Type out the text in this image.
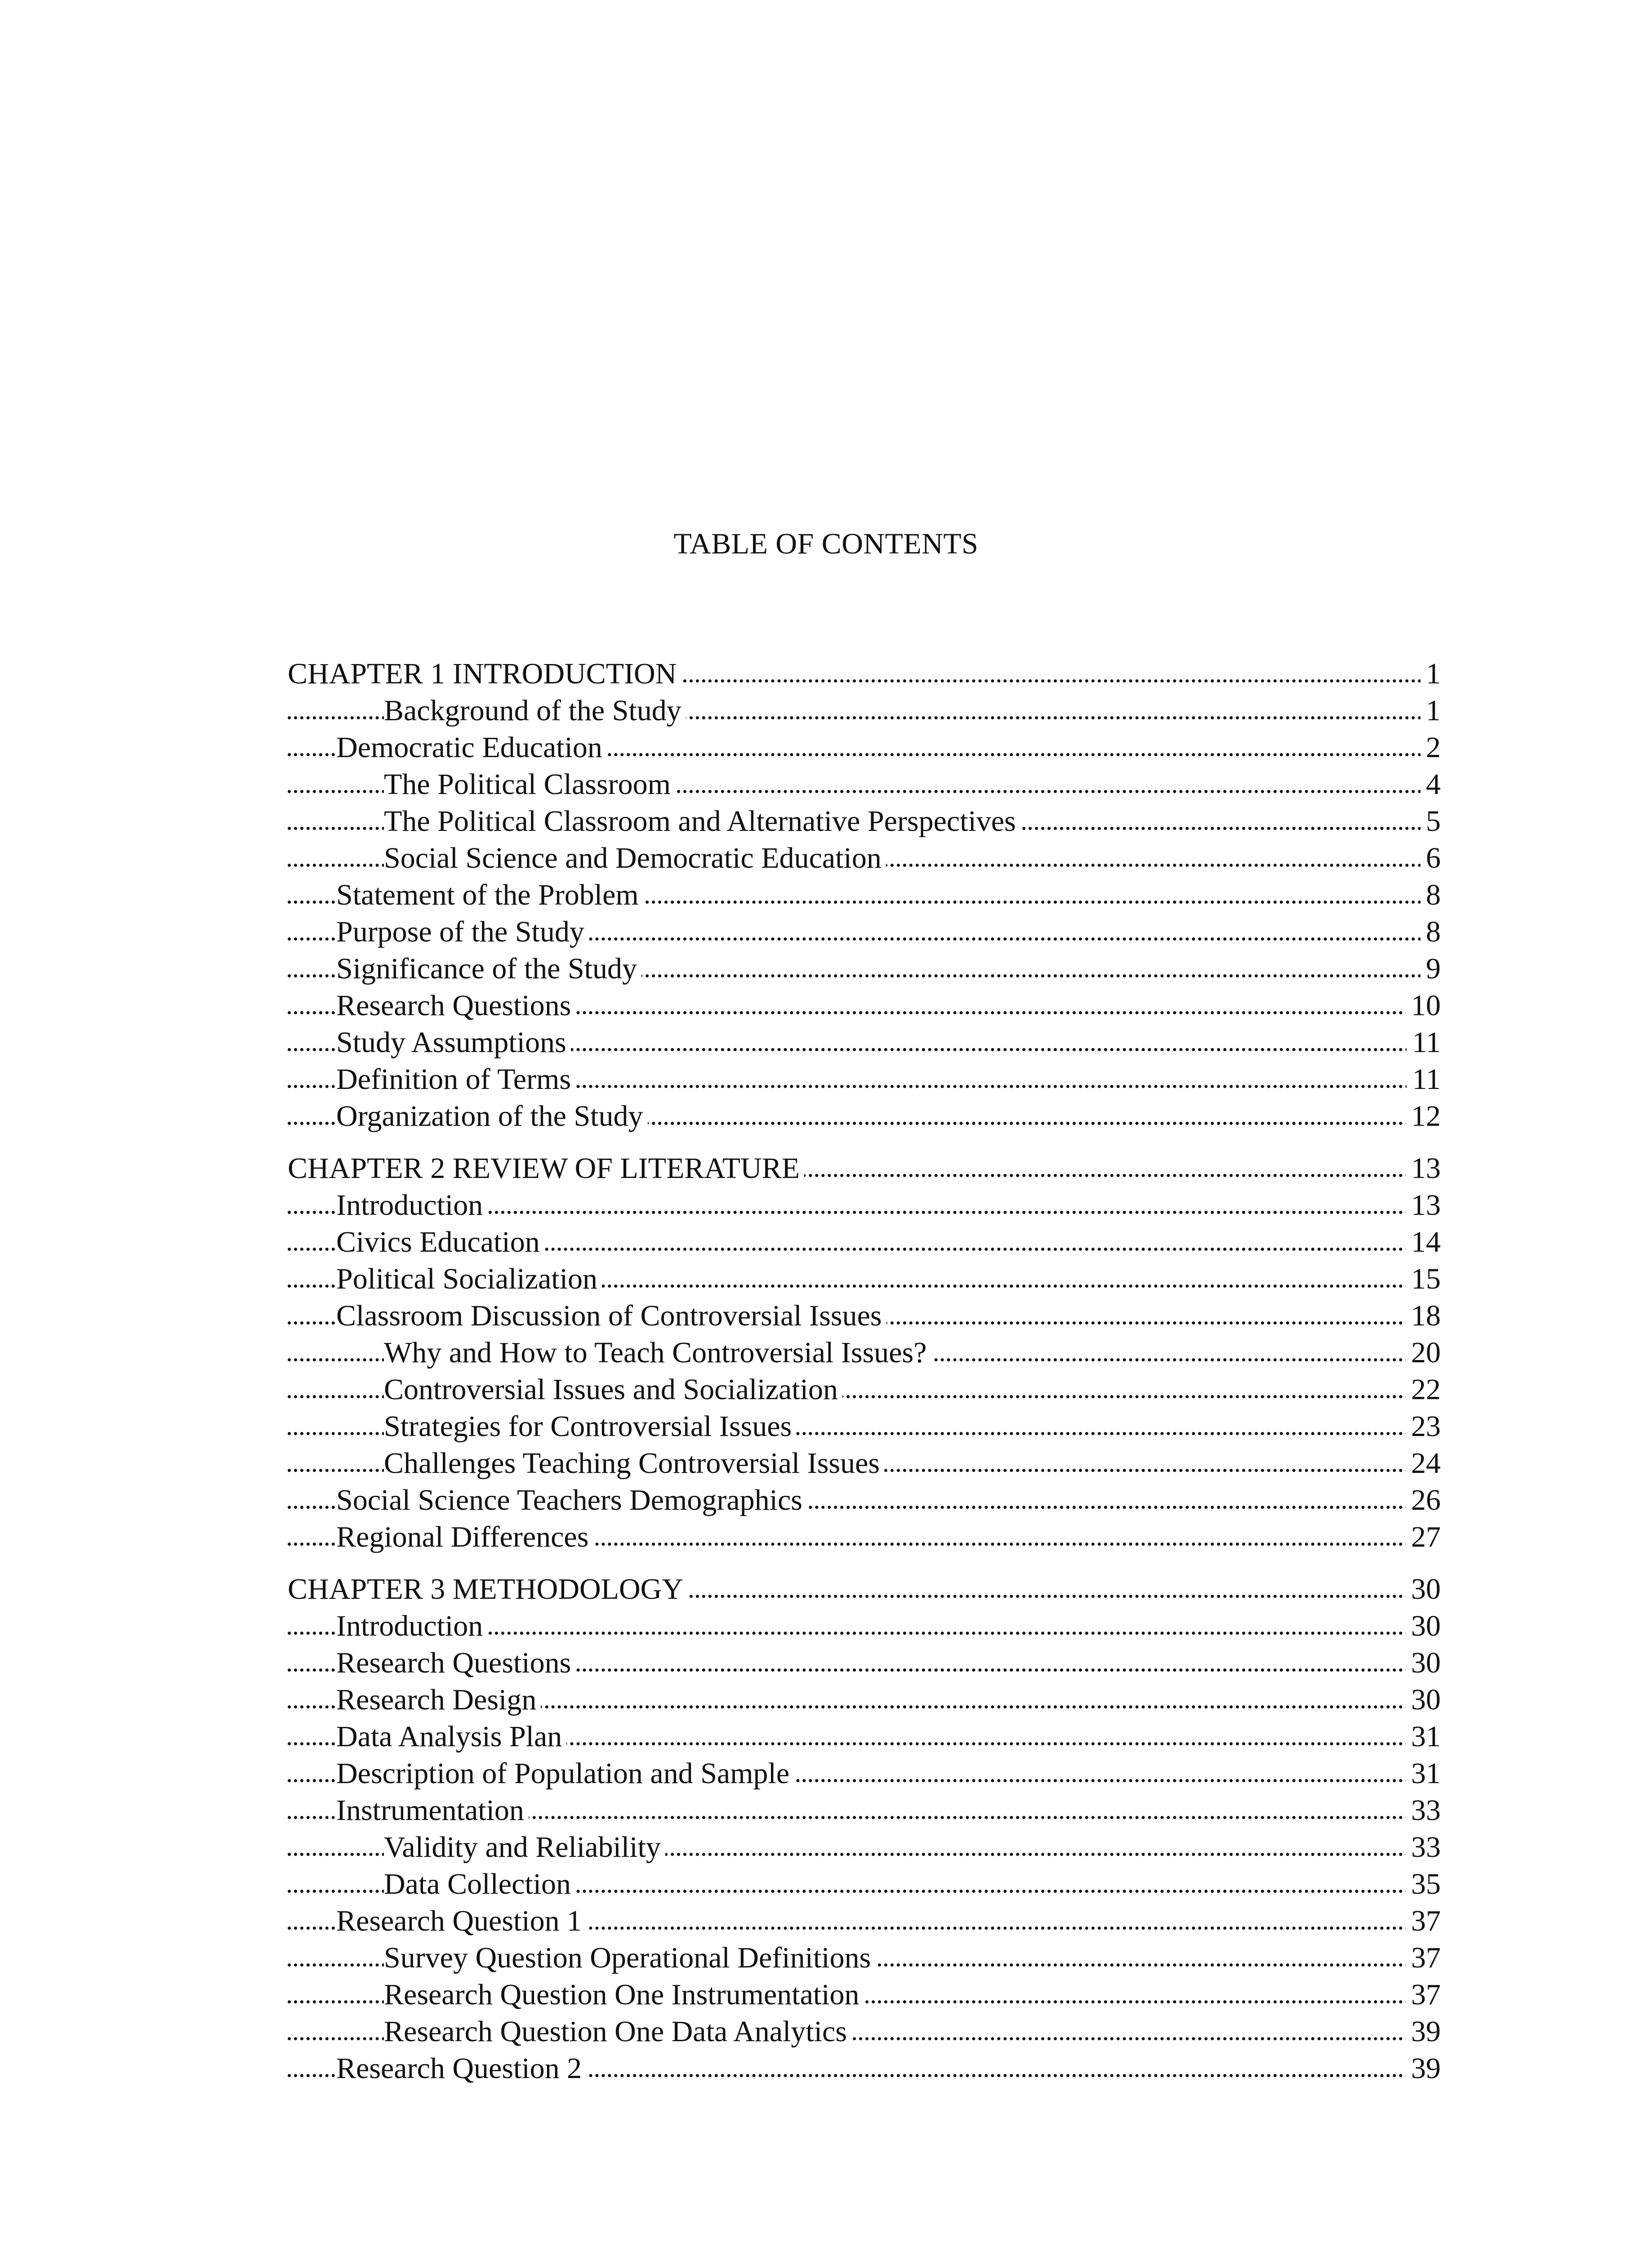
TABLE OF CONTENTS
CHAPTER 1 INTRODUCTION	1
Background of the Study	1
Democratic Education	2
The Political Classroom	4
The Political Classroom and Alternative Perspectives	5
Social Science and Democratic Education	6
Statement of the Problem	8
Purpose of the Study	8
Significance of the Study	9
Research Questions	10
Study Assumptions	11
Definition of Terms	11
Organization of the Study	12
CHAPTER 2 REVIEW OF LITERATURE	13
Introduction	13
Civics Education	14
Political Socialization	15
Classroom Discussion of Controversial Issues	18
Why and How to Teach Controversial Issues?	20
Controversial Issues and Socialization	22
Strategies for Controversial Issues	23
Challenges Teaching Controversial Issues	24
Social Science Teachers Demographics	26
Regional Differences	27
CHAPTER 3 METHODOLOGY	30
Introduction	30
Research Questions	30
Research Design	30
Data Analysis Plan	31
Description of Population and Sample	31
Instrumentation	33
Validity and Reliability	33
Data Collection	35
Research Question 1	37
Survey Question Operational Definitions	37
Research Question One Instrumentation	37
Research Question One Data Analytics	39
Research Question 2	39
